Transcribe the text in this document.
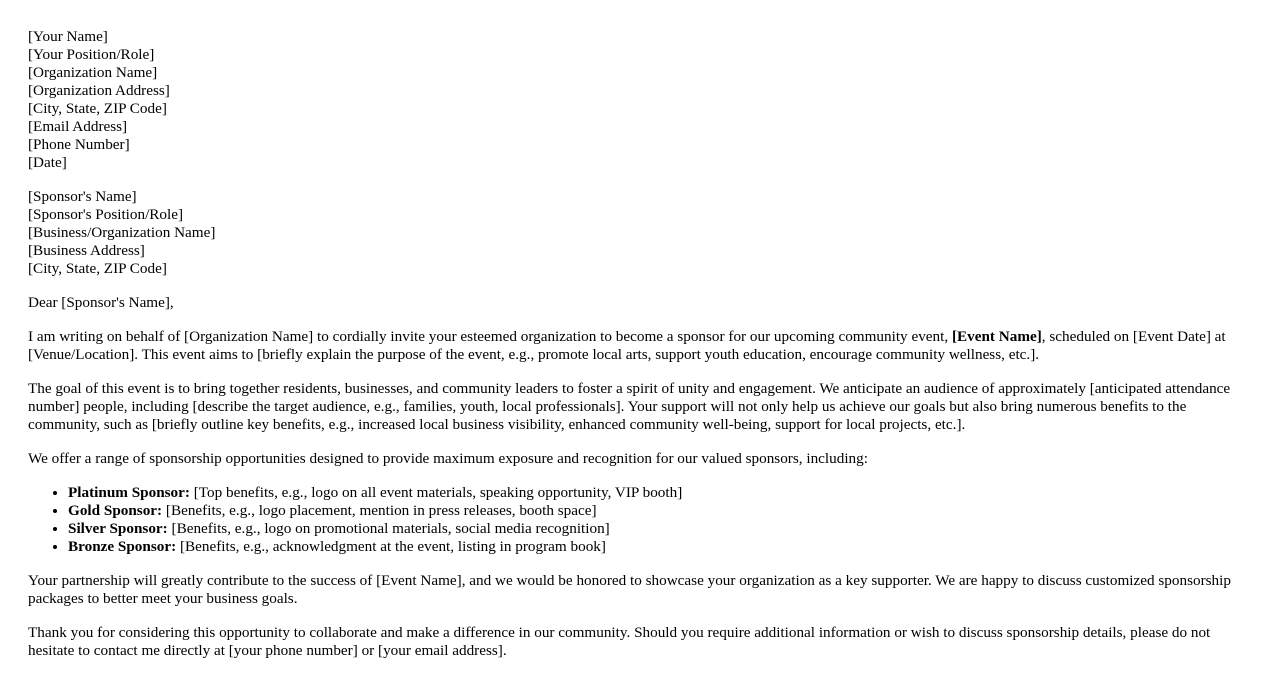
[Your Name]
[Your Position/Role]
[Organization Name]
[Organization Address]
[City, State, ZIP Code]
[Email Address]
[Phone Number]
[Date]
[Sponsor's Name]
[Sponsor's Position/Role]
[Business/Organization Name]
[Business Address]
[City, State, ZIP Code]

Dear [Sponsor's Name],

I am writing on behalf of [Organization Name] to cordially invite your esteemed organization to become a sponsor for our upcoming community event, [Event Name], scheduled on [Event Date] at [Venue/Location]. This event aims to [briefly explain the purpose of the event, e.g., promote local arts, support youth education, encourage community wellness, etc.].

The goal of this event is to bring together residents, businesses, and community leaders to foster a spirit of unity and engagement. We anticipate an audience of approximately [anticipated attendance number] people, including [describe the target audience, e.g., families, youth, local professionals]. Your support will not only help us achieve our goals but also bring numerous benefits to the community, such as [briefly outline key benefits, e.g., increased local business visibility, enhanced community well-being, support for local projects, etc.].

We offer a range of sponsorship opportunities designed to provide maximum exposure and recognition for our valued sponsors, including:

• Platinum Sponsor: [Top benefits, e.g., logo on all event materials, speaking opportunity, VIP booth]
• Gold Sponsor: [Benefits, e.g., logo placement, mention in press releases, booth space]
• Silver Sponsor: [Benefits, e.g., logo on promotional materials, social media recognition]
• Bronze Sponsor: [Benefits, e.g., acknowledgment at the event, listing in program book]

Your partnership will greatly contribute to the success of [Event Name], and we would be honored to showcase your organization as a key supporter. We are happy to discuss customized sponsorship packages to better meet your business goals.

Thank you for considering this opportunity to collaborate and make a difference in our community. Should you require additional information or wish to discuss sponsorship details, please do not hesitate to contact me directly at [your phone number] or [your email address].
